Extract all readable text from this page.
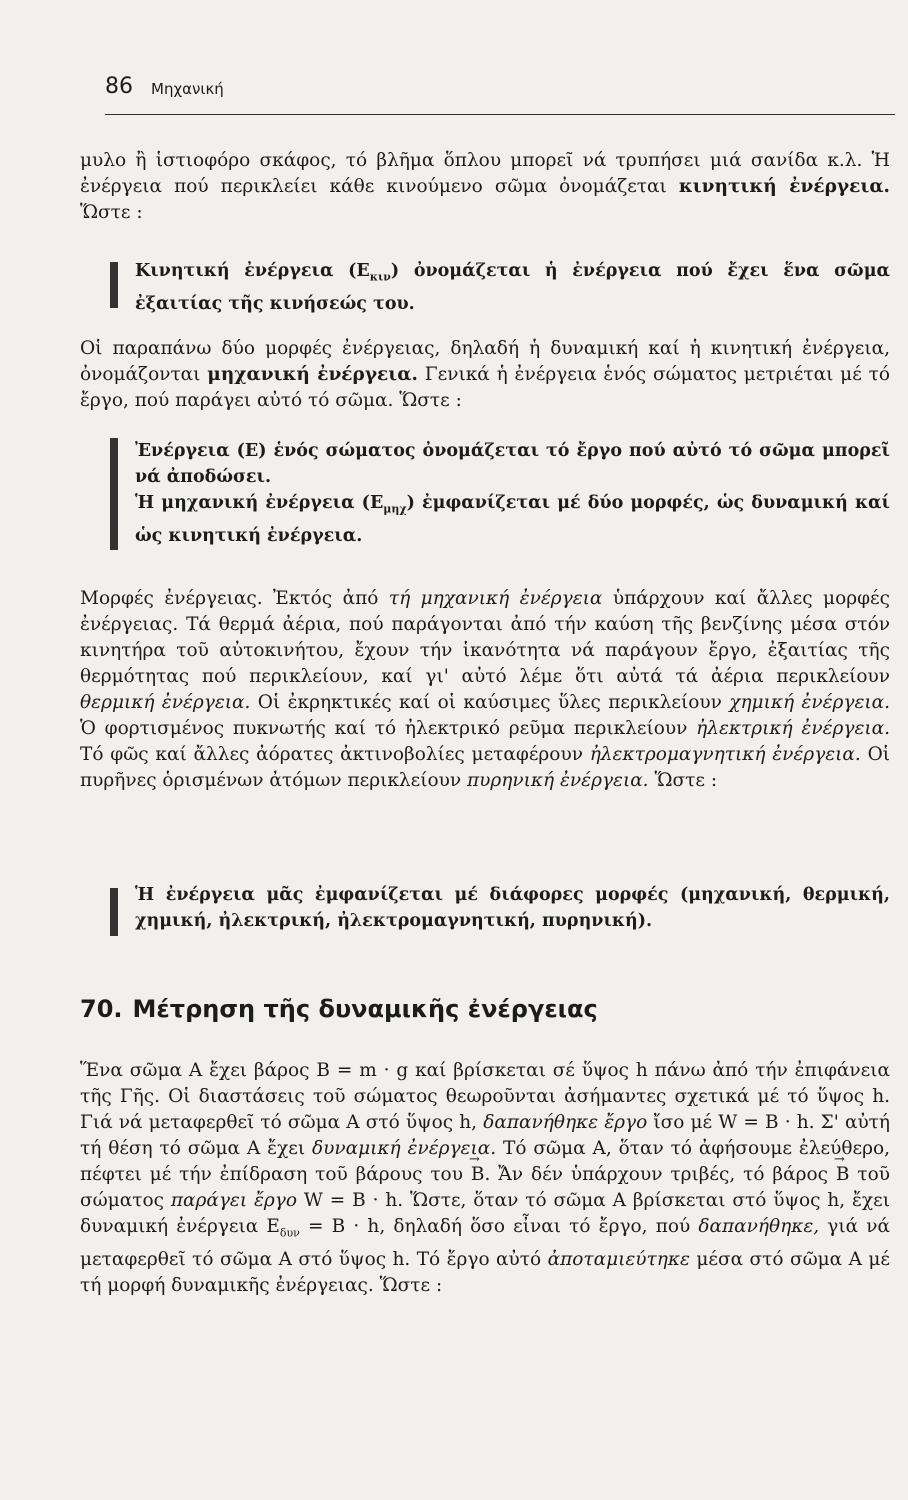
86 Μηχανική

μυλο ἢ ἱστιοφόρο σκάφος, τό βλῆμα ὅπλου μπορεῖ νά τρυπήσει μιά σανίδα κ.λ. Ἡ ἐνέργεια πού περικλείει κάθε κινούμενο σῶμα ὀνομάζεται κινητική ἐνέργεια. Ὥστε :

Κινητική ἐνέργεια $(E_{\kappa\iota\nu})$ ὀνομάζεται ἡ ἐνέργεια πού ἔχει ἕνα σῶμα ἐξαιτίας τῆς κινήσεώς του.

Οἱ παραπάνω δύο μορφές ἐνέργειας, δηλαδή ἡ δυναμική καί ἡ κινητική ἐνέργεια, ὀνομάζονται μηχανική ἐνέργεια. Γενικά ἡ ἐνέργεια ἑνός σώματος μετριέται μέ τό ἔργο, πού παράγει αὐτό τό σῶμα. Ὥστε :

Ἐνέργεια (E) ἑνός σώματος ὀνομάζεται τό ἔργο πού αὐτό τό σῶμα μπορεῖ νά ἀποδώσει.

Ἡ μηχανική ἐνέργεια $(E_{\mu\eta\chi})$ ἐμφανίζεται μέ δύο μορφές, ὡς δυναμική καί ὡς κινητική ἐνέργεια.

Μορφές ἐνέργειας. Ἐκτός ἀπό τή μηχανική ἐνέργεια ὑπάρχουν καί ἄλλες μορφές ἐνέργειας. Τά θερμά ἀέρια, πού παράγονται ἀπό τήν καύση τῆς βενζίνης μέσα στόν κινητήρα τοῦ αὐτοκινήτου, ἔχουν τήν ἱκανότητα νά παράγουν ἔργο, ἐξαιτίας τῆς θερμότητας πού περικλείουν, καί γι' αὐτό λέμε ὅτι αὐτά τά ἀέρια περικλείουν θερμική ἐνέργεια. Οἱ ἐκρηκτικές καί οἱ καύσιμες ὕλες περικλείουν χημική ἐνέργεια. Ὁ φορτισμένος πυκνωτής καί τό ἠλεκτρικό ρεῦμα περικλείουν ἠλεκτρική ἐνέργεια. Τό φῶς καί ἄλλες ἀόρατες ἀκτινοβολίες μεταφέρουν ἠλεκτρομαγνητική ἐνέργεια. Οἱ πυρῆνες ὁρισμένων ἀτόμων περικλείουν πυρηνική ἐνέργεια. Ὥστε :

Ἡ ἐνέργεια μᾶς ἐμφανίζεται μέ διάφορες μορφές (μηχανική, θερμική, χημική, ἠλεκτρική, ἠλεκτρομαγνητική, πυρηνική).

70. Μέτρηση τῆς δυναμικῆς ἐνέργειας

Ἕνα σῶμα A ἔχει βάρος B = m · g καί βρίσκεται σέ ὕψος h πάνω ἀπό τήν ἐπιφάνεια τῆς Γῆς. Οἱ διαστάσεις τοῦ σώματος θεωροῦνται ἀσήμαντες σχετικά μέ τό ὕψος h. Γιά νά μεταφερθεῖ τό σῶμα A στό ὕψος h, δαπανήθηκε ἔργο ἴσο μέ W = B · h. Σ' αὐτή τή θέση τό σῶμα A ἔχει δυναμική ἐνέργεια. Τό σῶμα A, ὅταν τό ἀφήσουμε ἐλεύθερο, πέφτει μέ τήν ἐπίδραση τοῦ βάρους του → B. Ἄν δέν ὑπάρχουν τριβές, τό βάρος → B τοῦ σώματος παράγει ἔργο W = B · h. Ὥστε, ὅταν τό σῶμα A βρίσκεται στό ὕψος h, ἔχει δυναμική ἐνέργεια $E_{\delta\upsilon\nu} = B \cdot h$, δηλαδή ὅσο εἶναι τό ἔργο, πού δαπανήθηκε, γιά νά μεταφερθεῖ τό σῶμα A στό ὕψος h. Τό ἔργο αὐτό ἀποταμιεύτηκε μέσα στό σῶμα A μέ τή μορφή δυναμικῆς ἐνέργειας. Ὥστε :
